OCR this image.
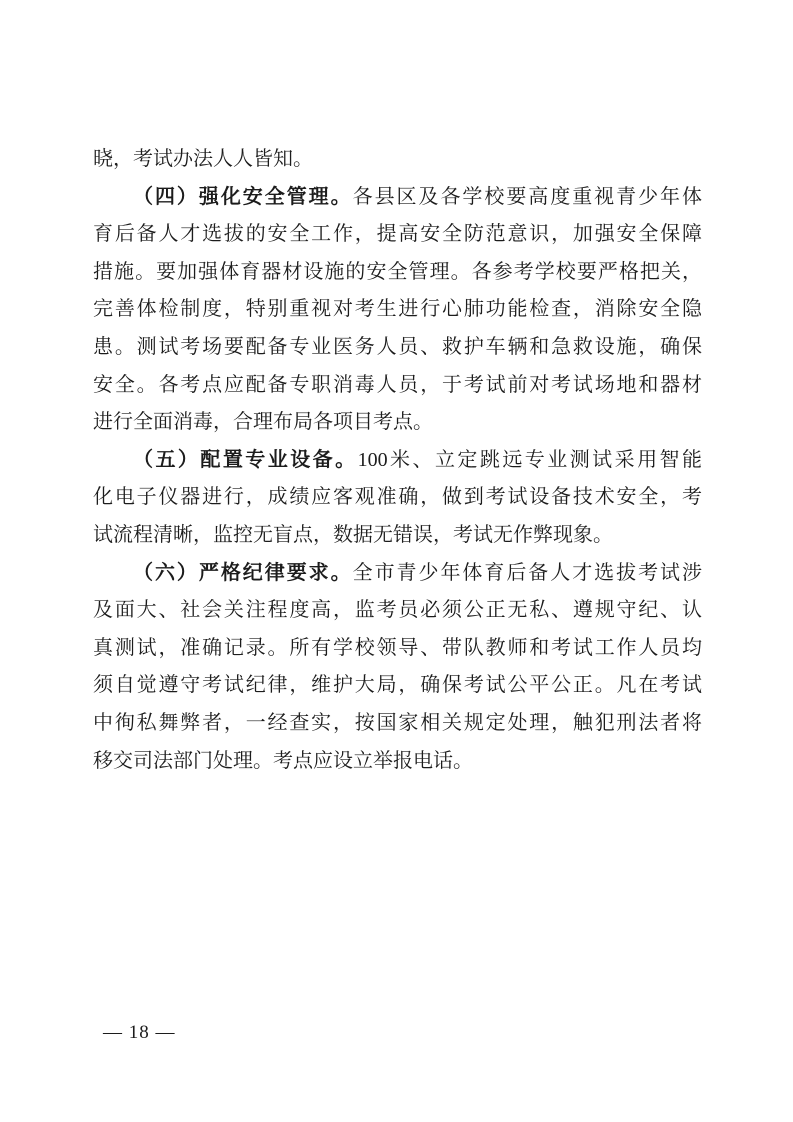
晓，考试办法人人皆知。

（四）强化安全管理。各县区及各学校要高度重视青少年体

育后备人才选拔的安全工作，提高安全防范意识，加强安全保障

措施。要加强体育器材设施的安全管理。各参考学校要严格把关，

完善体检制度，特别重视对考生进行心肺功能检查，消除安全隐

患。测试考场要配备专业医务人员、救护车辆和急救设施，确保

安全。各考点应配备专职消毒人员，于考试前对考试场地和器材

进行全面消毒，合理布局各项目考点。

（五）配置专业设备。100米、立定跳远专业测试采用智能

化电子仪器进行，成绩应客观准确，做到考试设备技术安全，考

试流程清晰，监控无盲点，数据无错误，考试无作弊现象。

（六）严格纪律要求。全市青少年体育后备人才选拔考试涉

及面大、社会关注程度高，监考员必须公正无私、遵规守纪、认

真测试，准确记录。所有学校领导、带队教师和考试工作人员均

须自觉遵守考试纪律，维护大局，确保考试公平公正。凡在考试

中徇私舞弊者，一经查实，按国家相关规定处理，触犯刑法者将

移交司法部门处理。考点应设立举报电话。

— 18 —
